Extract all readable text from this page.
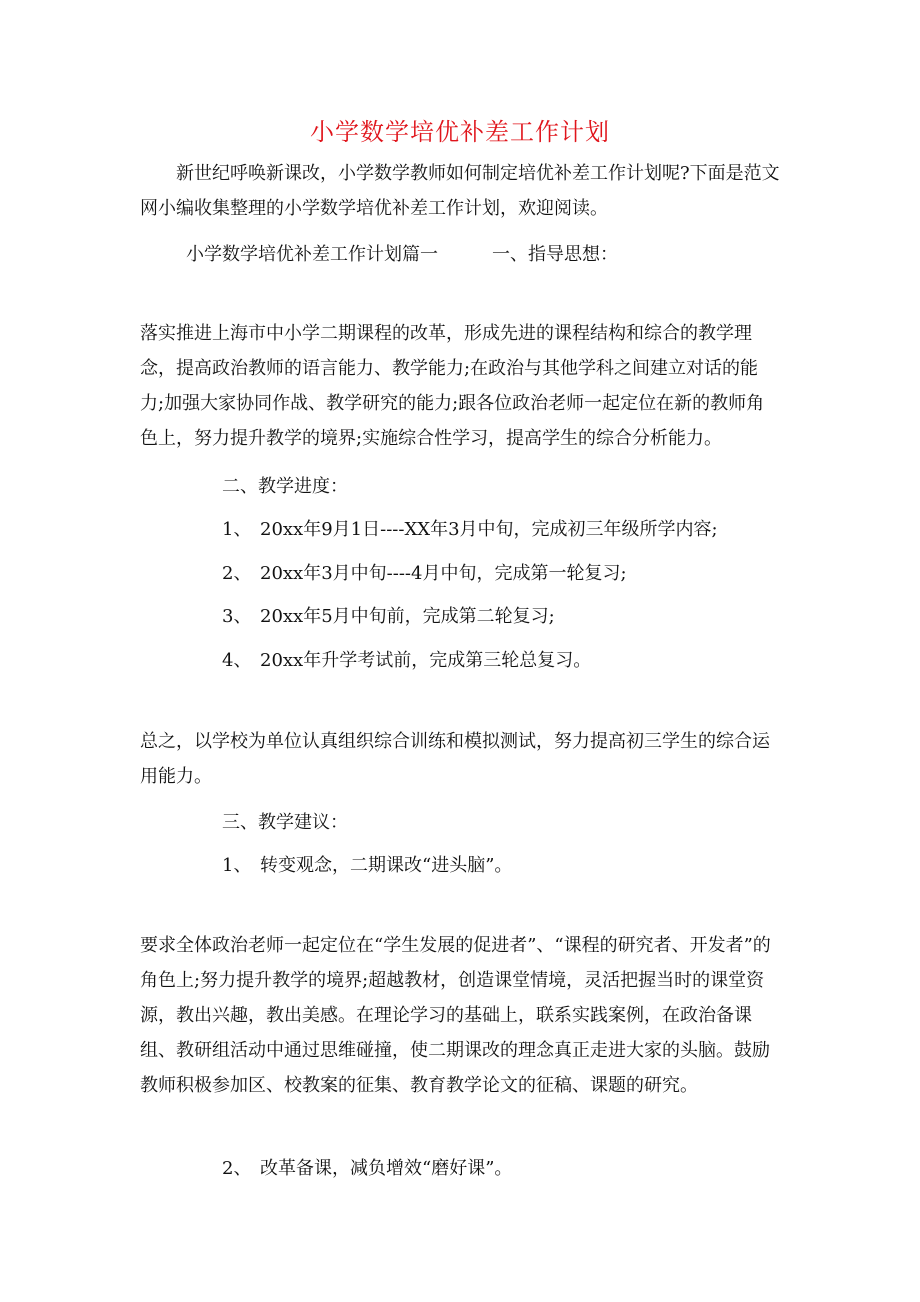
小学数学培优补差工作计划

新世纪呼唤新课改，小学数学教师如何制定培优补差工作计划呢?下面是范文网小编收集整理的小学数学培优补差工作计划，欢迎阅读。

小学数学培优补差工作计划篇一　　　一、指导思想：

落实推进上海市中小学二期课程的改革，形成先进的课程结构和综合的教学理念，提高政治教师的语言能力、教学能力;在政治与其他学科之间建立对话的能力;加强大家协同作战、教学研究的能力;跟各位政治老师一起定位在新的教师角色上，努力提升教学的境界;实施综合性学习，提高学生的综合分析能力。

二、教学进度：

1、 20xx年9月1日----XX年3月中旬，完成初三年级所学内容;

2、 20xx年3月中旬----4月中旬，完成第一轮复习;

3、 20xx年5月中旬前，完成第二轮复习;

4、 20xx年升学考试前，完成第三轮总复习。

总之，以学校为单位认真组织综合训练和模拟测试，努力提高初三学生的综合运用能力。

三、教学建议：

1、 转变观念，二期课改“进头脑”。

要求全体政治老师一起定位在“学生发展的促进者”、“课程的研究者、开发者”的角色上;努力提升教学的境界;超越教材，创造课堂情境，灵活把握当时的课堂资源，教出兴趣，教出美感。在理论学习的基础上，联系实践案例，在政治备课组、教研组活动中通过思维碰撞，使二期课改的理念真正走进大家的头脑。鼓励教师积极参加区、校教案的征集、教育教学论文的征稿、课题的研究。

2、 改革备课，减负增效“磨好课”。
